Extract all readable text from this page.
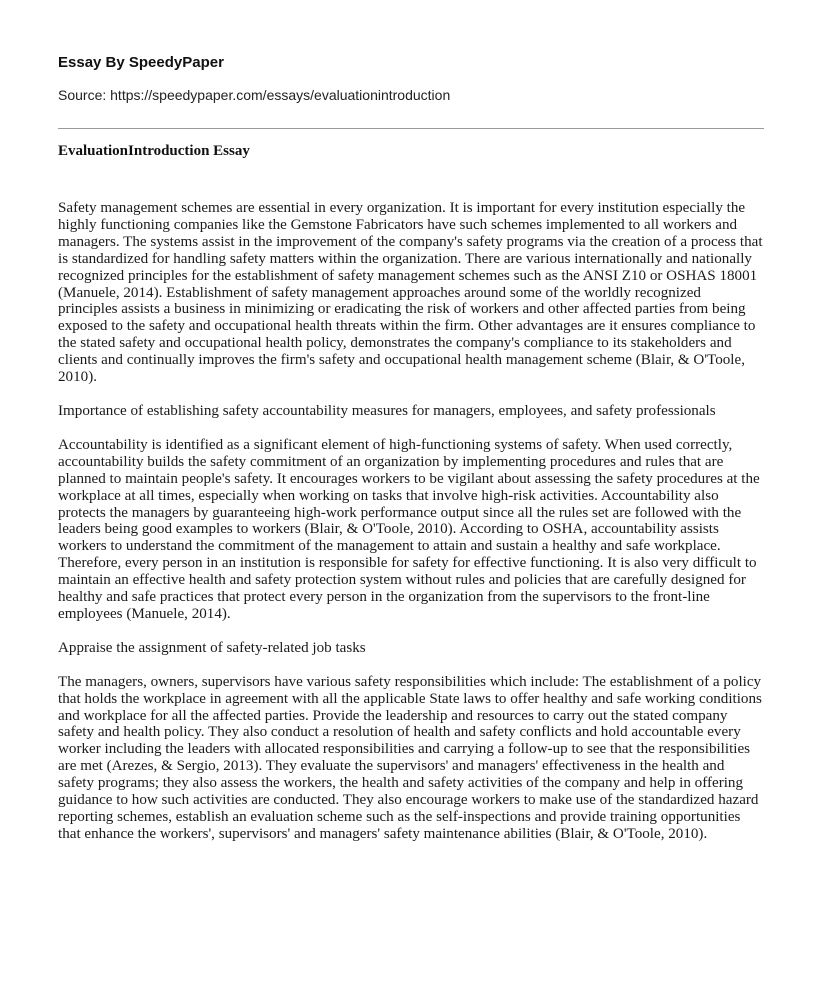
Essay By SpeedyPaper
Source: https://speedypaper.com/essays/evaluationintroduction
EvaluationIntroduction Essay

Safety management schemes are essential in every organization. It is important for every institution especially the highly functioning companies like the Gemstone Fabricators have such schemes implemented to all workers and managers. The systems assist in the improvement of the company's safety programs via the creation of a process that is standardized for handling safety matters within the organization. There are various internationally and nationally recognized principles for the establishment of safety management schemes such as the ANSI Z10 or OSHAS 18001 (Manuele, 2014). Establishment of safety management approaches around some of the worldly recognized principles assists a business in minimizing or eradicating the risk of workers and other affected parties from being exposed to the safety and occupational health threats within the firm. Other advantages are it ensures compliance to the stated safety and occupational health policy, demonstrates the company's compliance to its stakeholders and clients and continually improves the firm's safety and occupational health management scheme (Blair, & O'Toole, 2010).

Importance of establishing safety accountability measures for managers, employees, and safety professionals

Accountability is identified as a significant element of high-functioning systems of safety. When used correctly, accountability builds the safety commitment of an organization by implementing procedures and rules that are planned to maintain people's safety. It encourages workers to be vigilant about assessing the safety procedures at the workplace at all times, especially when working on tasks that involve high-risk activities. Accountability also protects the managers by guaranteeing high-work performance output since all the rules set are followed with the leaders being good examples to workers (Blair, & O'Toole, 2010). According to OSHA, accountability assists workers to understand the commitment of the management to attain and sustain a healthy and safe workplace. Therefore, every person in an institution is responsible for safety for effective functioning. It is also very difficult to maintain an effective health and safety protection system without rules and policies that are carefully designed for healthy and safe practices that protect every person in the organization from the supervisors to the front-line employees (Manuele, 2014).

Appraise the assignment of safety-related job tasks

The managers, owners, supervisors have various safety responsibilities which include: The establishment of a policy that holds the workplace in agreement with all the applicable State laws to offer healthy and safe working conditions and workplace for all the affected parties. Provide the leadership and resources to carry out the stated company safety and health policy. They also conduct a resolution of health and safety conflicts and hold accountable every worker including the leaders with allocated responsibilities and carrying a follow-up to see that the responsibilities are met (Arezes, & Sergio, 2013). They evaluate the supervisors' and managers' effectiveness in the health and safety programs; they also assess the workers, the health and safety activities of the company and help in offering guidance to how such activities are conducted. They also encourage workers to make use of the standardized hazard reporting schemes, establish an evaluation scheme such as the self-inspections and provide training opportunities that enhance the workers', supervisors' and managers' safety maintenance abilities (Blair, & O'Toole, 2010).
